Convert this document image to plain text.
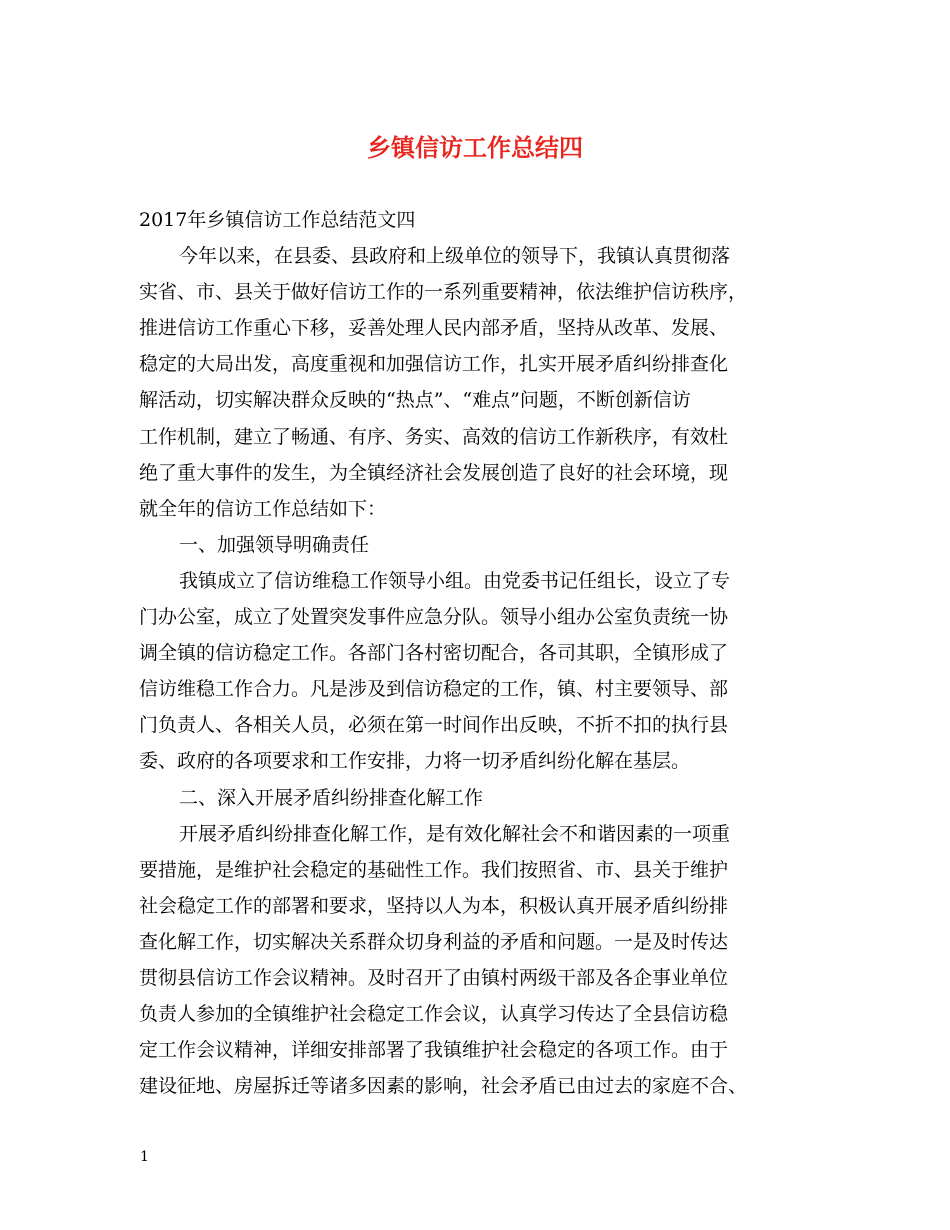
乡镇信访工作总结四

2017年乡镇信访工作总结范文四

今年以来，在县委、县政府和上级单位的领导下，我镇认真贯彻落
实省、市、县关于做好信访工作的一系列重要精神，依法维护信访秩序，
推进信访工作重心下移，妥善处理人民内部矛盾，坚持从改革、发展、
稳定的大局出发，高度重视和加强信访工作，扎实开展矛盾纠纷排查化
解活动，切实解决群众反映的“热点”、“难点”问题，不断创新信访
工作机制，建立了畅通、有序、务实、高效的信访工作新秩序，有效杜
绝了重大事件的发生，为全镇经济社会发展创造了良好的社会环境，现
就全年的信访工作总结如下：

一、加强领导明确责任

我镇成立了信访维稳工作领导小组。由党委书记任组长，设立了专
门办公室，成立了处置突发事件应急分队。领导小组办公室负责统一协
调全镇的信访稳定工作。各部门各村密切配合，各司其职，全镇形成了
信访维稳工作合力。凡是涉及到信访稳定的工作，镇、村主要领导、部
门负责人、各相关人员，必须在第一时间作出反映，不折不扣的执行县
委、政府的各项要求和工作安排，力将一切矛盾纠纷化解在基层。

二、深入开展矛盾纠纷排查化解工作

开展矛盾纠纷排查化解工作，是有效化解社会不和谐因素的一项重
要措施，是维护社会稳定的基础性工作。我们按照省、市、县关于维护
社会稳定工作的部署和要求，坚持以人为本，积极认真开展矛盾纠纷排
查化解工作，切实解决关系群众切身利益的矛盾和问题。一是及时传达
贯彻县信访工作会议精神。及时召开了由镇村两级干部及各企事业单位
负责人参加的全镇维护社会稳定工作会议，认真学习传达了全县信访稳
定工作会议精神，详细安排部署了我镇维护社会稳定的各项工作。由于
建设征地、房屋拆迁等诸多因素的影响，社会矛盾已由过去的家庭不合、

1
